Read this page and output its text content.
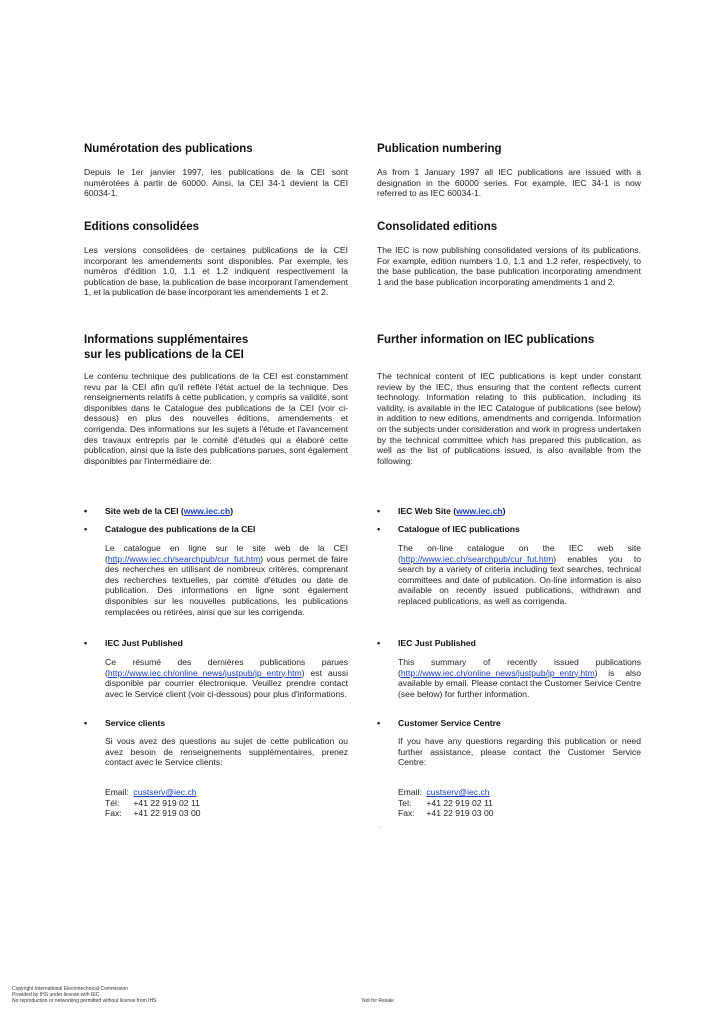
Numérotation des publications

Depuis le 1er janvier 1997, les publications de la CEI sont numérotées à partir de 60000. Ainsi, la CEI 34-1 devient la CEI 60034-1.

Editions consolidées

Les versions consolidées de certaines publications de la CEI incorporant les amendements sont disponibles. Par exemple, les numéros d'édition 1.0, 1.1 et 1.2 indiquent respectivement la publication de base, la publication de base incorporant l'amendement 1, et la publication de base incorporant les amendements 1 et 2.

Informations supplémentaires
sur les publications de la CEI

Le contenu technique des publications de la CEI est constamment revu par la CEI afin qu'il reflète l'état actuel de la technique. Des renseignements relatifs à cette publication, y compris sa validité, sont disponibles dans le Catalogue des publications de la CEI (voir ci-dessous) en plus des nouvelles éditions, amendements et corrigenda. Des informations sur les sujets à l'étude et l'avancement des travaux entrepris par le comité d'études qui a élaboré cette publication, ainsi que la liste des publications parues, sont également disponibles par l'intermédiaire de:

• Site web de la CEI (www.iec.ch)
• Catalogue des publications de la CEI

Le catalogue en ligne sur le site web de la CEI (http://www.iec.ch/searchpub/cur_fut.htm) vous permet de faire des recherches en utilisant de nombreux critères, comprenant des recherches textuelles, par comité d'études ou date de publication. Des informations en ligne sont également disponibles sur les nouvelles publications, les publications remplacées ou retirées, ainsi que sur les corrigenda.

• IEC Just Published

Ce résumé des dernières publications parues (http://www.iec.ch/online_news/justpub/jp_entry.htm) est aussi disponible par courrier électronique. Veuillez prendre contact avec le Service client (voir ci-dessous) pour plus d'informations.

• Service clients

Si vous avez des questions au sujet de cette publication ou avez besoin de renseignements supplémentaires, prenez contact avec le Service clients:

Email: custserv@iec.ch
Tél: +41 22 919 02 11
Fax: +41 22 919 03 00
Publication numbering

As from 1 January 1997 all IEC publications are issued with a designation in the 60000 series. For example, IEC 34-1 is now referred to as IEC 60034-1.

Consolidated editions

The IEC is now publishing consolidated versions of its publications. For example, edition numbers 1.0, 1.1 and 1.2 refer, respectively, to the base publication, the base publication incorporating amendment 1 and the base publication incorporating amendments 1 and 2.

Further information on IEC publications

The technical content of IEC publications is kept under constant review by the IEC, thus ensuring that the content reflects current technology. Information relating to this publication, including its validity, is available in the IEC Catalogue of publications (see below) in addition to new editions, amendments and corrigenda. Information on the subjects under consideration and work in progress undertaken by the technical committee which has prepared this publication, as well as the list of publications issued, is also available from the following:

• IEC Web Site (www.iec.ch)
• Catalogue of IEC publications

The on-line catalogue on the IEC web site (http://www.iec.ch/searchpub/cur_fut.htm) enables you to search by a variety of criteria including text searches, technical committees and date of publication. On-line information is also available on recently issued publications, withdrawn and replaced publications, as well as corrigenda.

• IEC Just Published

This summary of recently issued publications (http://www.iec.ch/online_news/justpub/jp_entry.htm) is also available by email. Please contact the Customer Service Centre (see below) for further information.

• Customer Service Centre

If you have any questions regarding this publication or need further assistance, please contact the Customer Service Centre:

Email: custserv@iec.ch
Tel: +41 22 919 02 11
Fax: +41 22 919 03 00
.
Copyright International Electrotechnical Commission
Provided by IHS under license with IEC
No reproduction or networking permitted without license from IHS	Not for Resale
